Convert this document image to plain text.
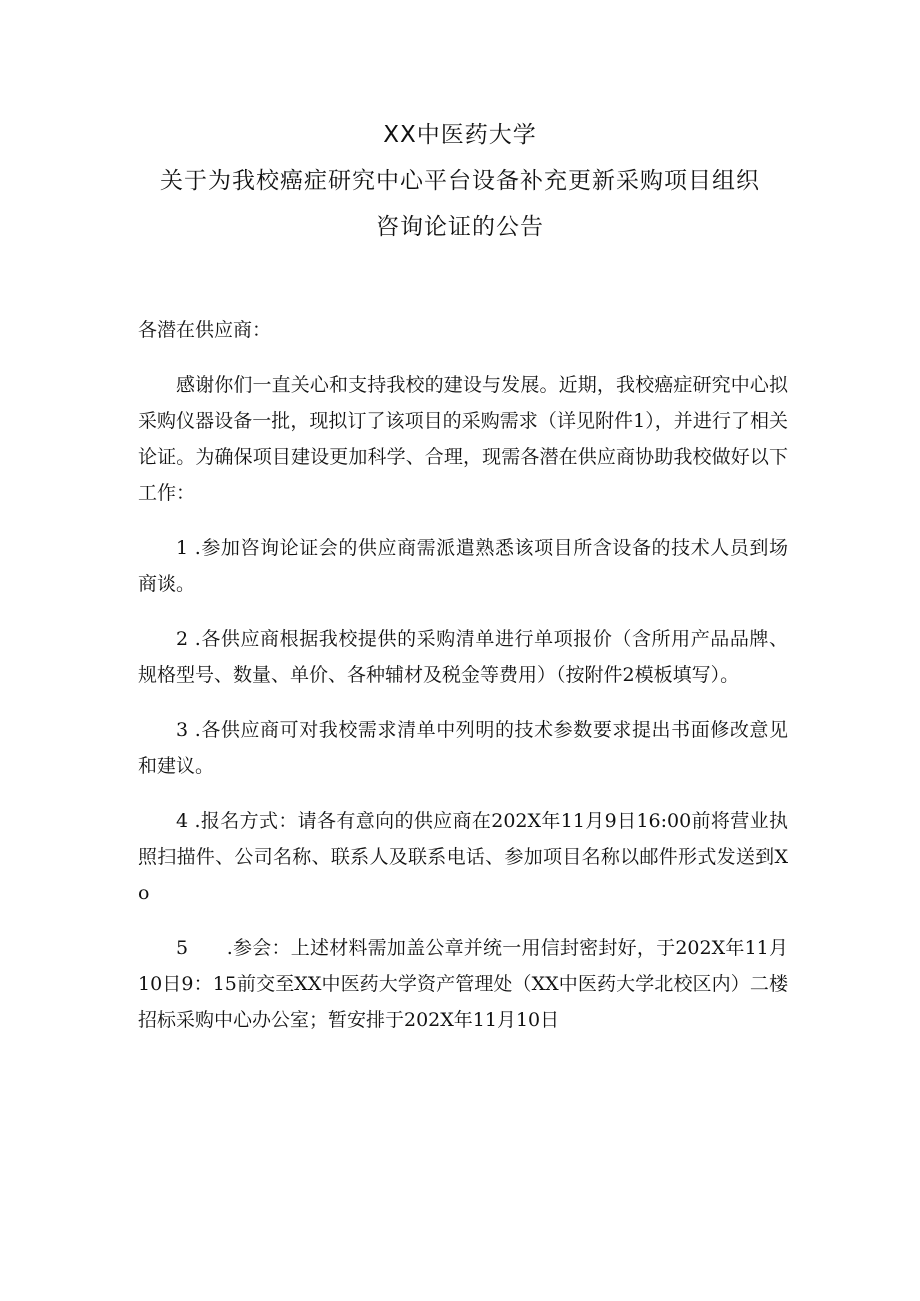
XX中医药大学
关于为我校癌症研究中心平台设备补充更新采购项目组织
咨询论证的公告
各潜在供应商：

感谢你们一直关心和支持我校的建设与发展。近期，我校癌症研究中心拟采购仪器设备一批，现拟订了该项目的采购需求（详见附件1），并进行了相关论证。为确保项目建设更加科学、合理，现需各潜在供应商协助我校做好以下工作：

1 .参加咨询论证会的供应商需派遣熟悉该项目所含设备的技术人员到场商谈。

2 .各供应商根据我校提供的采购清单进行单项报价（含所用产品品牌、规格型号、数量、单价、各种辅材及税金等费用）（按附件2模板填写）。

3 .各供应商可对我校需求清单中列明的技术参数要求提出书面修改意见和建议。

4 .报名方式：请各有意向的供应商在202X年11月9日16:00前将营业执照扫描件、公司名称、联系人及联系电话、参加项目名称以邮件形式发送到Xo

5　　.参会：上述材料需加盖公章并统一用信封密封好，于202X年11月10日9：15前交至XX中医药大学资产管理处（XX中医药大学北校区内）二楼招标采购中心办公室；暂安排于202X年11月10日
